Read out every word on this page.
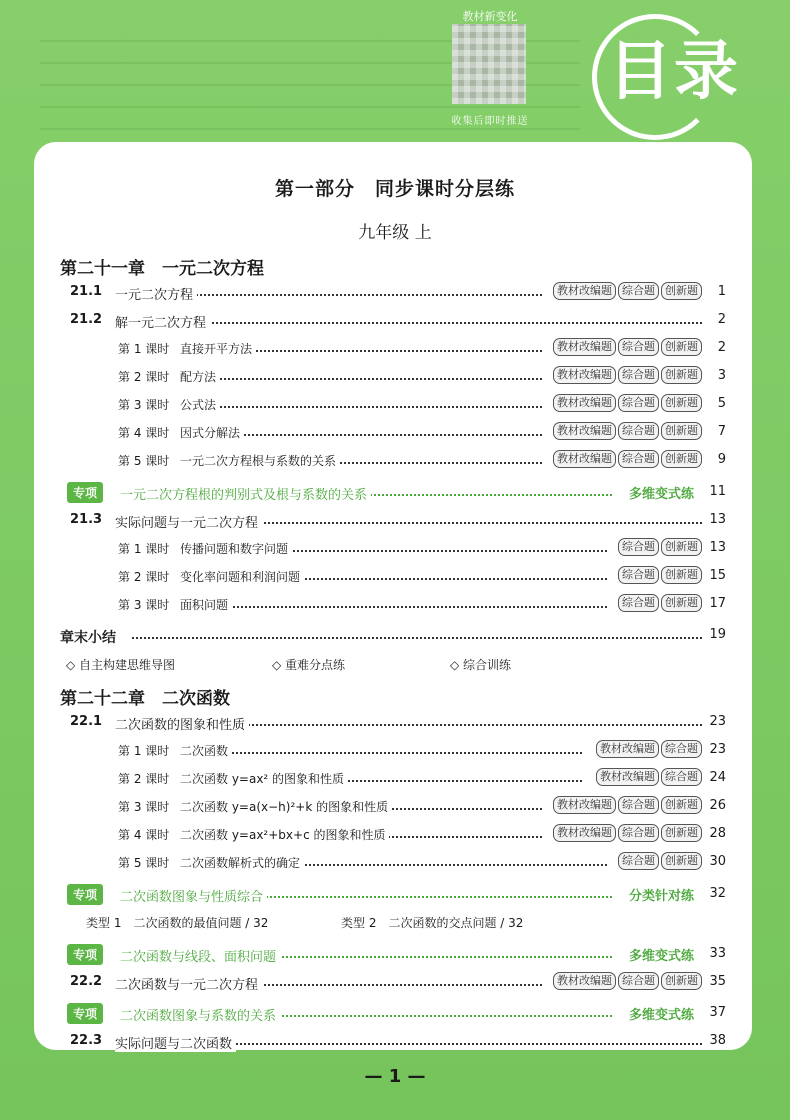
教材新变化
收集后即时推送
目录
第一部分　同步课时分层练
九年级 上
第二十一章　一元二次方程
21.1 一元二次方程	教材改编题 综合题 创新题	1
21.2 解一元二次方程	2
第 1 课时 直接开平方法	教材改编题 综合题 创新题	2
第 2 课时 配方法	教材改编题 综合题 创新题	3
第 3 课时 公式法	教材改编题 综合题 创新题	5
第 4 课时 因式分解法	教材改编题 综合题 创新题	7
第 5 课时 一元二次方程根与系数的关系	教材改编题 综合题 创新题	9
专项	一元二次方程根的判别式及根与系数的关系	多维变式练	11
21.3 实际问题与一元二次方程	13
第 1 课时 传播问题和数字问题	综合题 创新题 13
第 2 课时 变化率问题和利润问题	综合题 创新题 15
第 3 课时 面积问题	综合题 创新题 17
章末小结	19
◇ 自主构建思维导图	◇ 重难分点练	◇ 综合训练
第二十二章　二次函数
22.1 二次函数的图象和性质	23
第 1 课时 二次函数	教材改编题 综合题 23
第 2 课时 二次函数 y=ax² 的图象和性质	教材改编题 综合题 24
第 3 课时 二次函数 y=a(x−h)²+k 的图象和性质	教材改编题 综合题 创新题 26
第 4 课时 二次函数 y=ax²+bx+c 的图象和性质	教材改编题 综合题 创新题 28
第 5 课时 二次函数解析式的确定	综合题 创新题 30
专项	二次函数图象与性质综合	分类针对练	32
类型 1　二次函数的最值问题 / 32	类型 2　二次函数的交点问题 / 32
专项	二次函数与线段、面积问题	多维变式练	33
22.2 二次函数与一元二次方程	教材改编题 综合题 创新题 35
专项	二次函数图象与系数的关系	多维变式练	37
22.3 实际问题与二次函数	38
— 1 —
